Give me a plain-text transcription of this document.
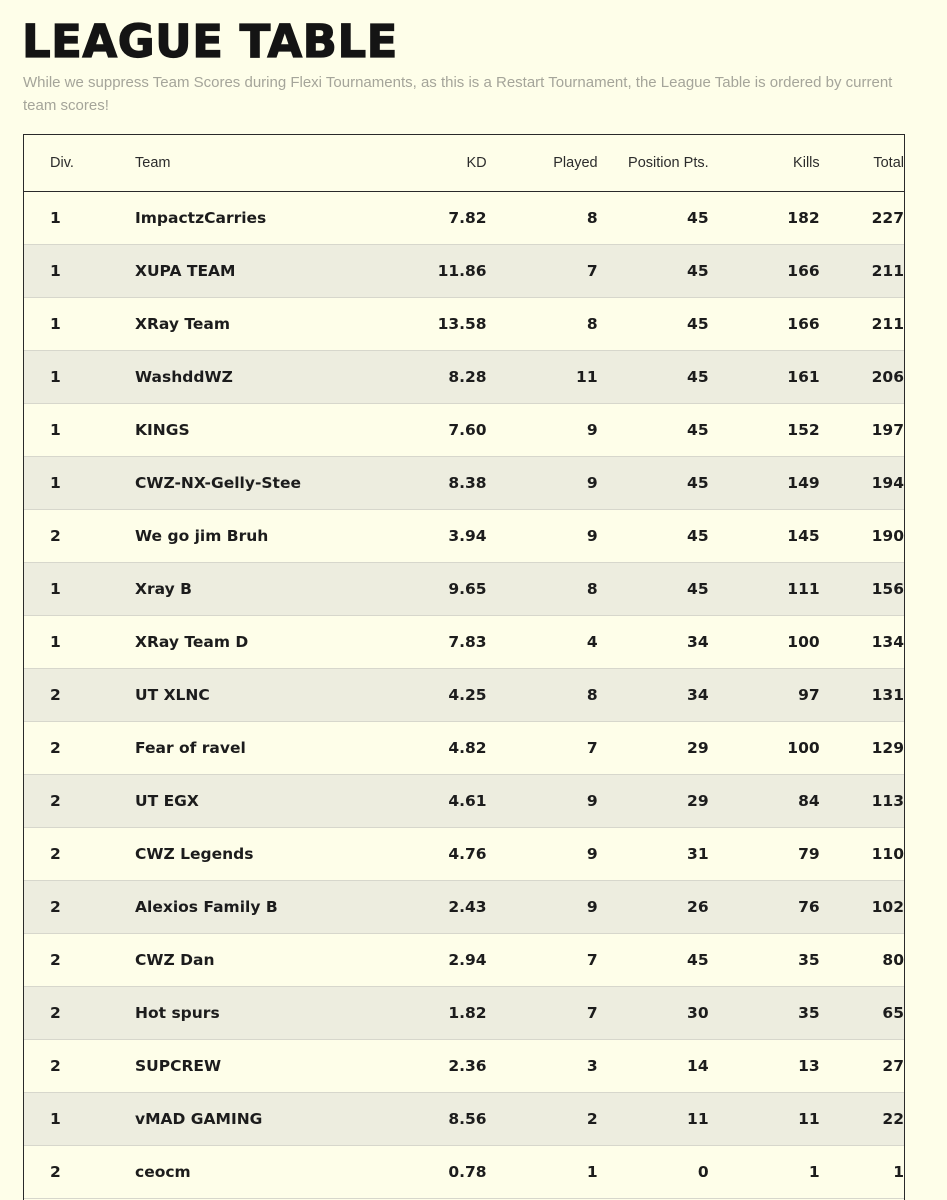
LEAGUE TABLE

While we suppress Team Scores during Flexi Tournaments, as this is a Restart Tournament, the League Table is ordered by current team scores!

Div.	Team	KD	Played	Position Pts.	Kills	Total
1	ImpactzCarries	7.82	8	45	182	227
1	XUPA TEAM	11.86	7	45	166	211
1	XRay Team	13.58	8	45	166	211
1	WashddWZ	8.28	11	45	161	206
1	KINGS	7.60	9	45	152	197
1	CWZ-NX-Gelly-Stee	8.38	9	45	149	194
2	We go jim Bruh	3.94	9	45	145	190
1	Xray B	9.65	8	45	111	156
1	XRay Team D	7.83	4	34	100	134
2	UT XLNC	4.25	8	34	97	131
2	Fear of ravel	4.82	7	29	100	129
2	UT EGX	4.61	9	29	84	113
2	CWZ Legends	4.76	9	31	79	110
2	Alexios Family B	2.43	9	26	76	102
2	CWZ Dan	2.94	7	45	35	80
2	Hot spurs	1.82	7	30	35	65
2	SUPCREW	2.36	3	14	13	27
1	vMAD GAMING	8.56	2	11	11	22
2	ceocm	0.78	1	0	1	1
